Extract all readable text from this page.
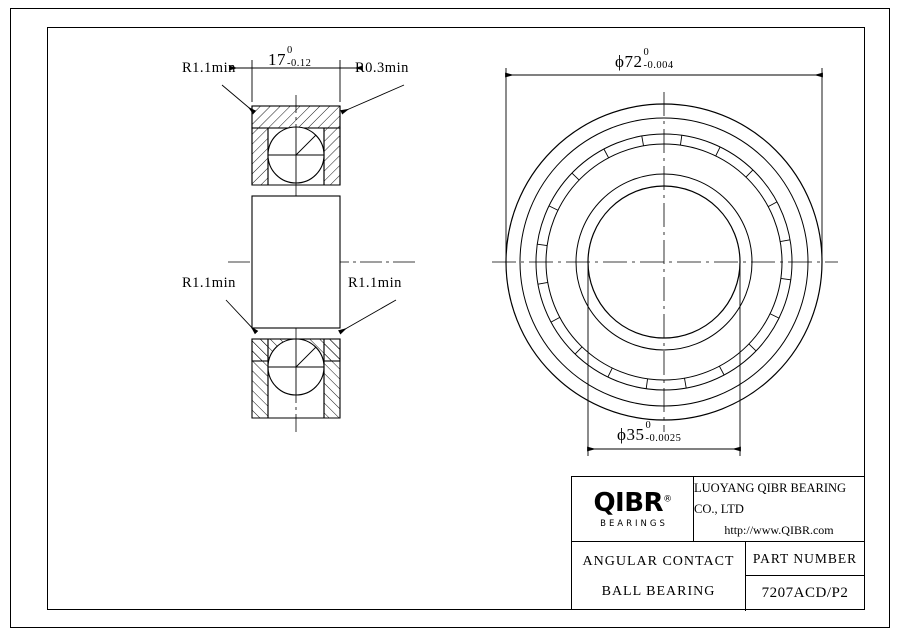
17 0
-0.12
R1.1min	R0.3min
R1.1min	R1.1min
ϕ72 0
-0.004
ϕ35 0
-0.0025
QIBR®
BEARINGS
LUOYANG QIBR BEARING CO., LTD
http://www.QIBR.com
ANGULAR CONTACT
BALL BEARING
PART NUMBER
7207ACD/P2
